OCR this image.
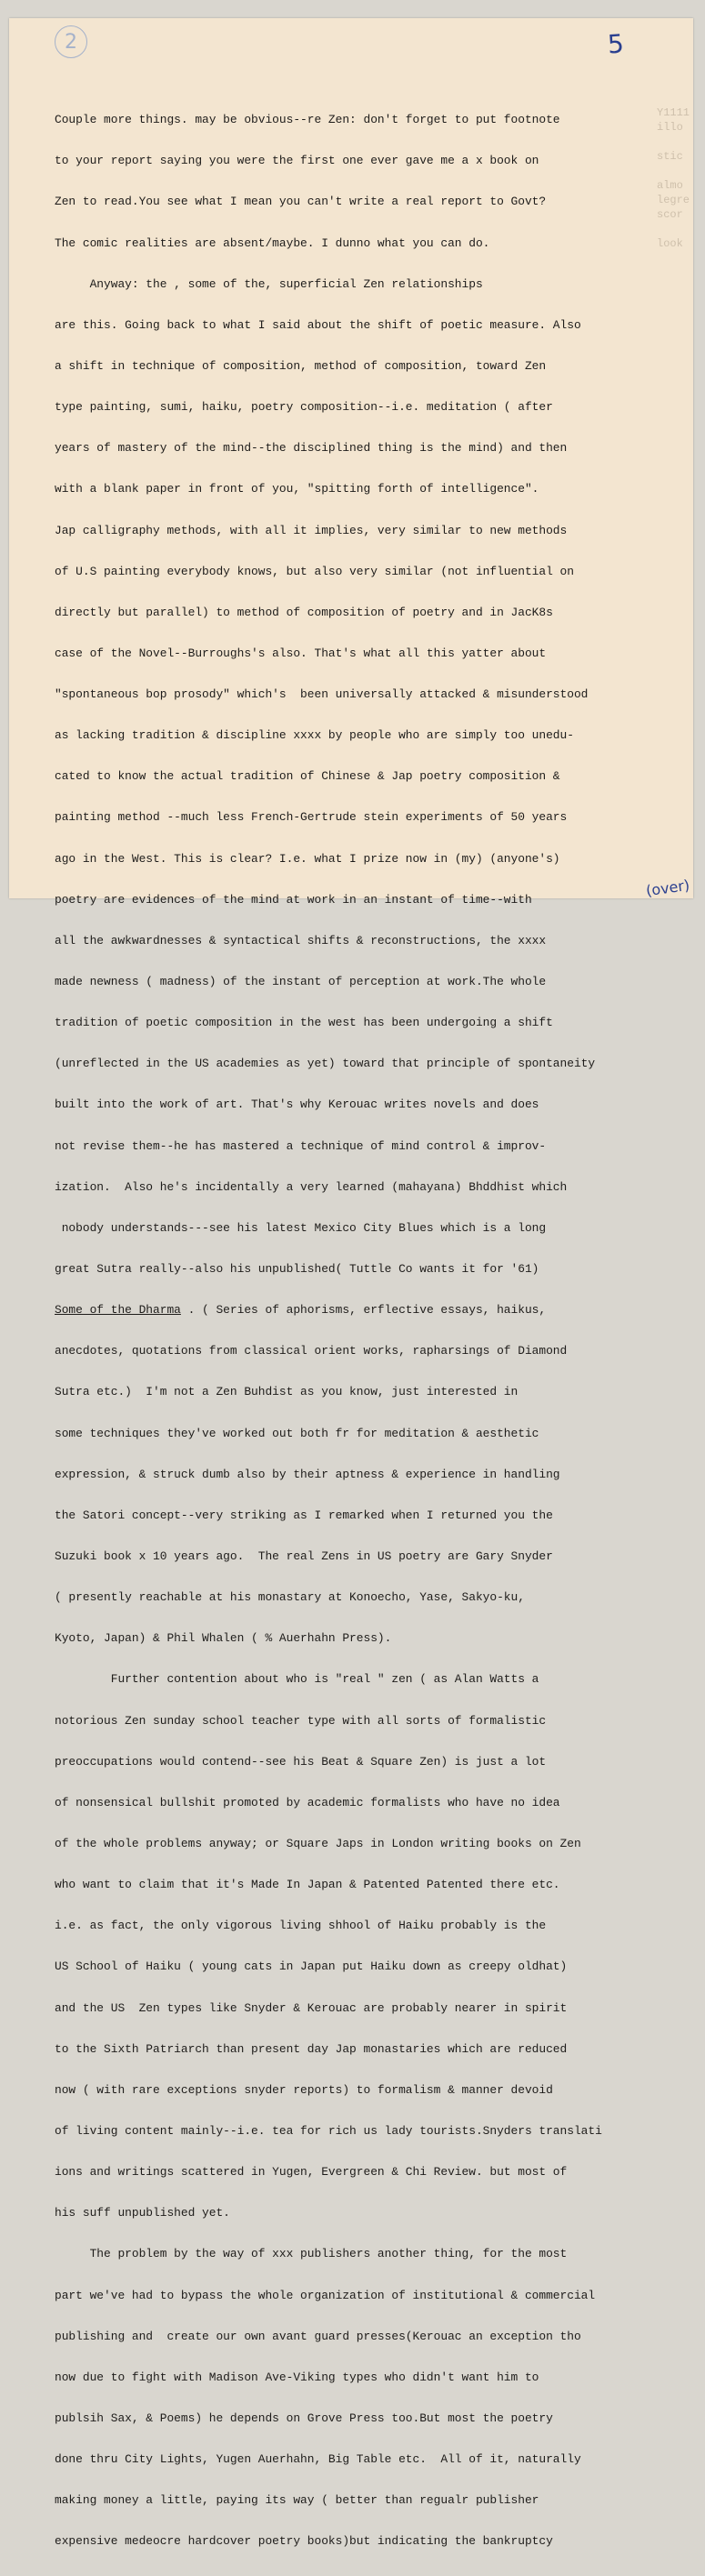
2	5
Y1111
illo

stic

almo
legre
scor

look

Couple more things. may be obvious--re Zen: don't forget to put footnote

to your report saying you were the first one ever gave me a x book on

Zen to read.You see what I mean you can't write a real report to Govt?

The comic realities are absent/maybe. I dunno what you can do.

Anyway: the , some of the, superficial Zen relationships

are this. Going back to what I said about the shift of poetic measure. Also

a shift in technique of composition, method of composition, toward Zen

type painting, sumi, haiku, poetry composition--i.e. meditation ( after

years of mastery of the mind--the disciplined thing is the mind) and then

with a blank paper in front of you, "spitting forth of intelligence".

Jap calligraphy methods, with all it implies, very similar to new methods

of U.S painting everybody knows, but also very similar (not influential on

directly but parallel) to method of composition of poetry and in JacK8s

case of the Novel--Burroughs's also. That's what all this yatter about

"spontaneous bop prosody" which's  been universally attacked & misunderstood

as lacking tradition & discipline xxxx by people who are simply too unedu-

cated to know the actual tradition of Chinese & Jap poetry composition &

painting method --much less French-Gertrude stein experiments of 50 years

ago in the West. This is clear? I.e. what I prize now in (my) (anyone's)

poetry are evidences of the mind at work in an instant of time--with

all the awkwardnesses & syntactical shifts & reconstructions, the xxxx

made newness ( madness) of the instant of perception at work.The whole

tradition of poetic composition in the west has been undergoing a shift

(unreflected in the US academies as yet) toward that principle of spontaneity

built into the work of art. That's why Kerouac writes novels and does

not revise them--he has mastered a technique of mind control & improv-

ization.  Also he's incidentally a very learned (mahayana) Bhddhist which

nobody understands---see his latest Mexico City Blues which is a long

great Sutra really--also his unpublished( Tuttle Co wants it for '61)

Some of the Dharma . ( Series of aphorisms, erflective essays, haikus,

anecdotes, quotations from classical orient works, rapharsings of Diamond

Sutra etc.)  I'm not a Zen Buhdist as you know, just interested in

some techniques they've worked out both fr for meditation & aesthetic

expression, & struck dumb also by their aptness & experience in handling

the Satori concept--very striking as I remarked when I returned you the

Suzuki book x 10 years ago.  The real Zens in US poetry are Gary Snyder

( presently reachable at his monastary at Konoecho, Yase, Sakyo-ku,

Kyoto, Japan) & Phil Whalen ( % Auerhahn Press).

Further contention about who is "real " zen ( as Alan Watts a

notorious Zen sunday school teacher type with all sorts of formalistic

preoccupations would contend--see his Beat & Square Zen) is just a lot

of nonsensical bullshit promoted by academic formalists who have no idea

of the whole problems anyway; or Square Japs in London writing books on Zen

who want to claim that it's Made In Japan & Patented Patented there etc.

i.e. as fact, the only vigorous living shhool of Haiku probably is the

US School of Haiku ( young cats in Japan put Haiku down as creepy oldhat)

and the US  Zen types like Snyder & Kerouac are probably nearer in spirit

to the Sixth Patriarch than present day Jap monastaries which are reduced

now ( with rare exceptions snyder reports) to formalism & manner devoid

of living content mainly--i.e. tea for rich us lady tourists.Snyders translati

ions and writings scattered in Yugen, Evergreen & Chi Review. but most of

his suff unpublished yet.

The problem by the way of xxx publishers another thing, for the most

part we've had to bypass the whole organization of institutional & commercial

publishing and  create our own avant guard presses(Kerouac an exception tho

now due to fight with Madison Ave-Viking types who didn't want him to

publsih Sax, & Poems) he depends on Grove Press too.But most the poetry

done thru City Lights, Yugen Auerhahn, Big Table etc.  All of it, naturally

making money a little, paying its way ( better than regualr publisher

expensive medeocre hardcover poetry books)but indicating the bankruptcy

(over)
